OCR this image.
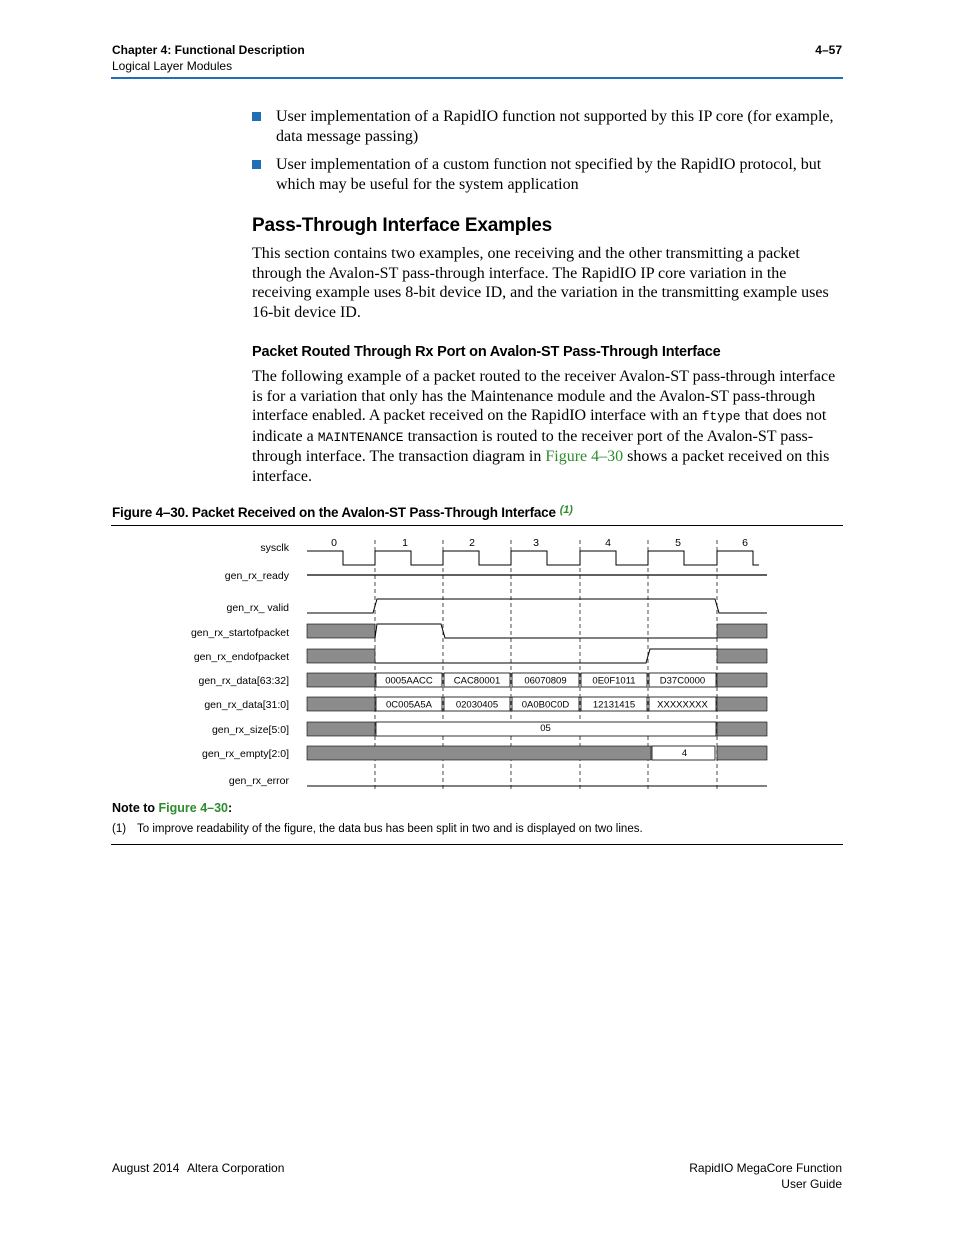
Chapter 4: Functional Description
Logical Layer Modules
4–57
User implementation of a RapidIO function not supported by this IP core (for example, data message passing)
User implementation of a custom function not specified by the RapidIO protocol, but which may be useful for the system application
Pass-Through Interface Examples
This section contains two examples, one receiving and the other transmitting a packet through the Avalon-ST pass-through interface. The RapidIO IP core variation in the receiving example uses 8-bit device ID, and the variation in the transmitting example uses 16-bit device ID.
Packet Routed Through Rx Port on Avalon-ST Pass-Through Interface
The following example of a packet routed to the receiver Avalon-ST pass-through interface is for a variation that only has the Maintenance module and the Avalon-ST pass-through interface enabled. A packet received on the RapidIO interface with an ftype that does not indicate a MAINTENANCE transaction is routed to the receiver port of the Avalon-ST pass-through interface. The transaction diagram in Figure 4–30 shows a packet received on this interface.
Figure 4–30. Packet Received on the Avalon-ST Pass-Through Interface $^{(1)}$
sysclk
gen_rx_ready
gen_rx_ valid
gen_rx_startofpacket
gen_rx_endofpacket
gen_rx_data[63:32]
gen_rx_data[31:0]
gen_rx_size[5:0]
gen_rx_empty[2:0]
gen_rx_error
0	1	2	3	4	5	6
0005AACC CAC80001	06070809	0E0F1011	D37C0000
0C005A5A	02030405 0A0B0C0D 12131415 XXXXXXXX
05
4
Note to Figure 4–30:
(1) To improve readability of the figure, the data bus has been split in two and is displayed on two lines.
August 2014 Altera Corporation	RapidIO MegaCore Function
User Guide
